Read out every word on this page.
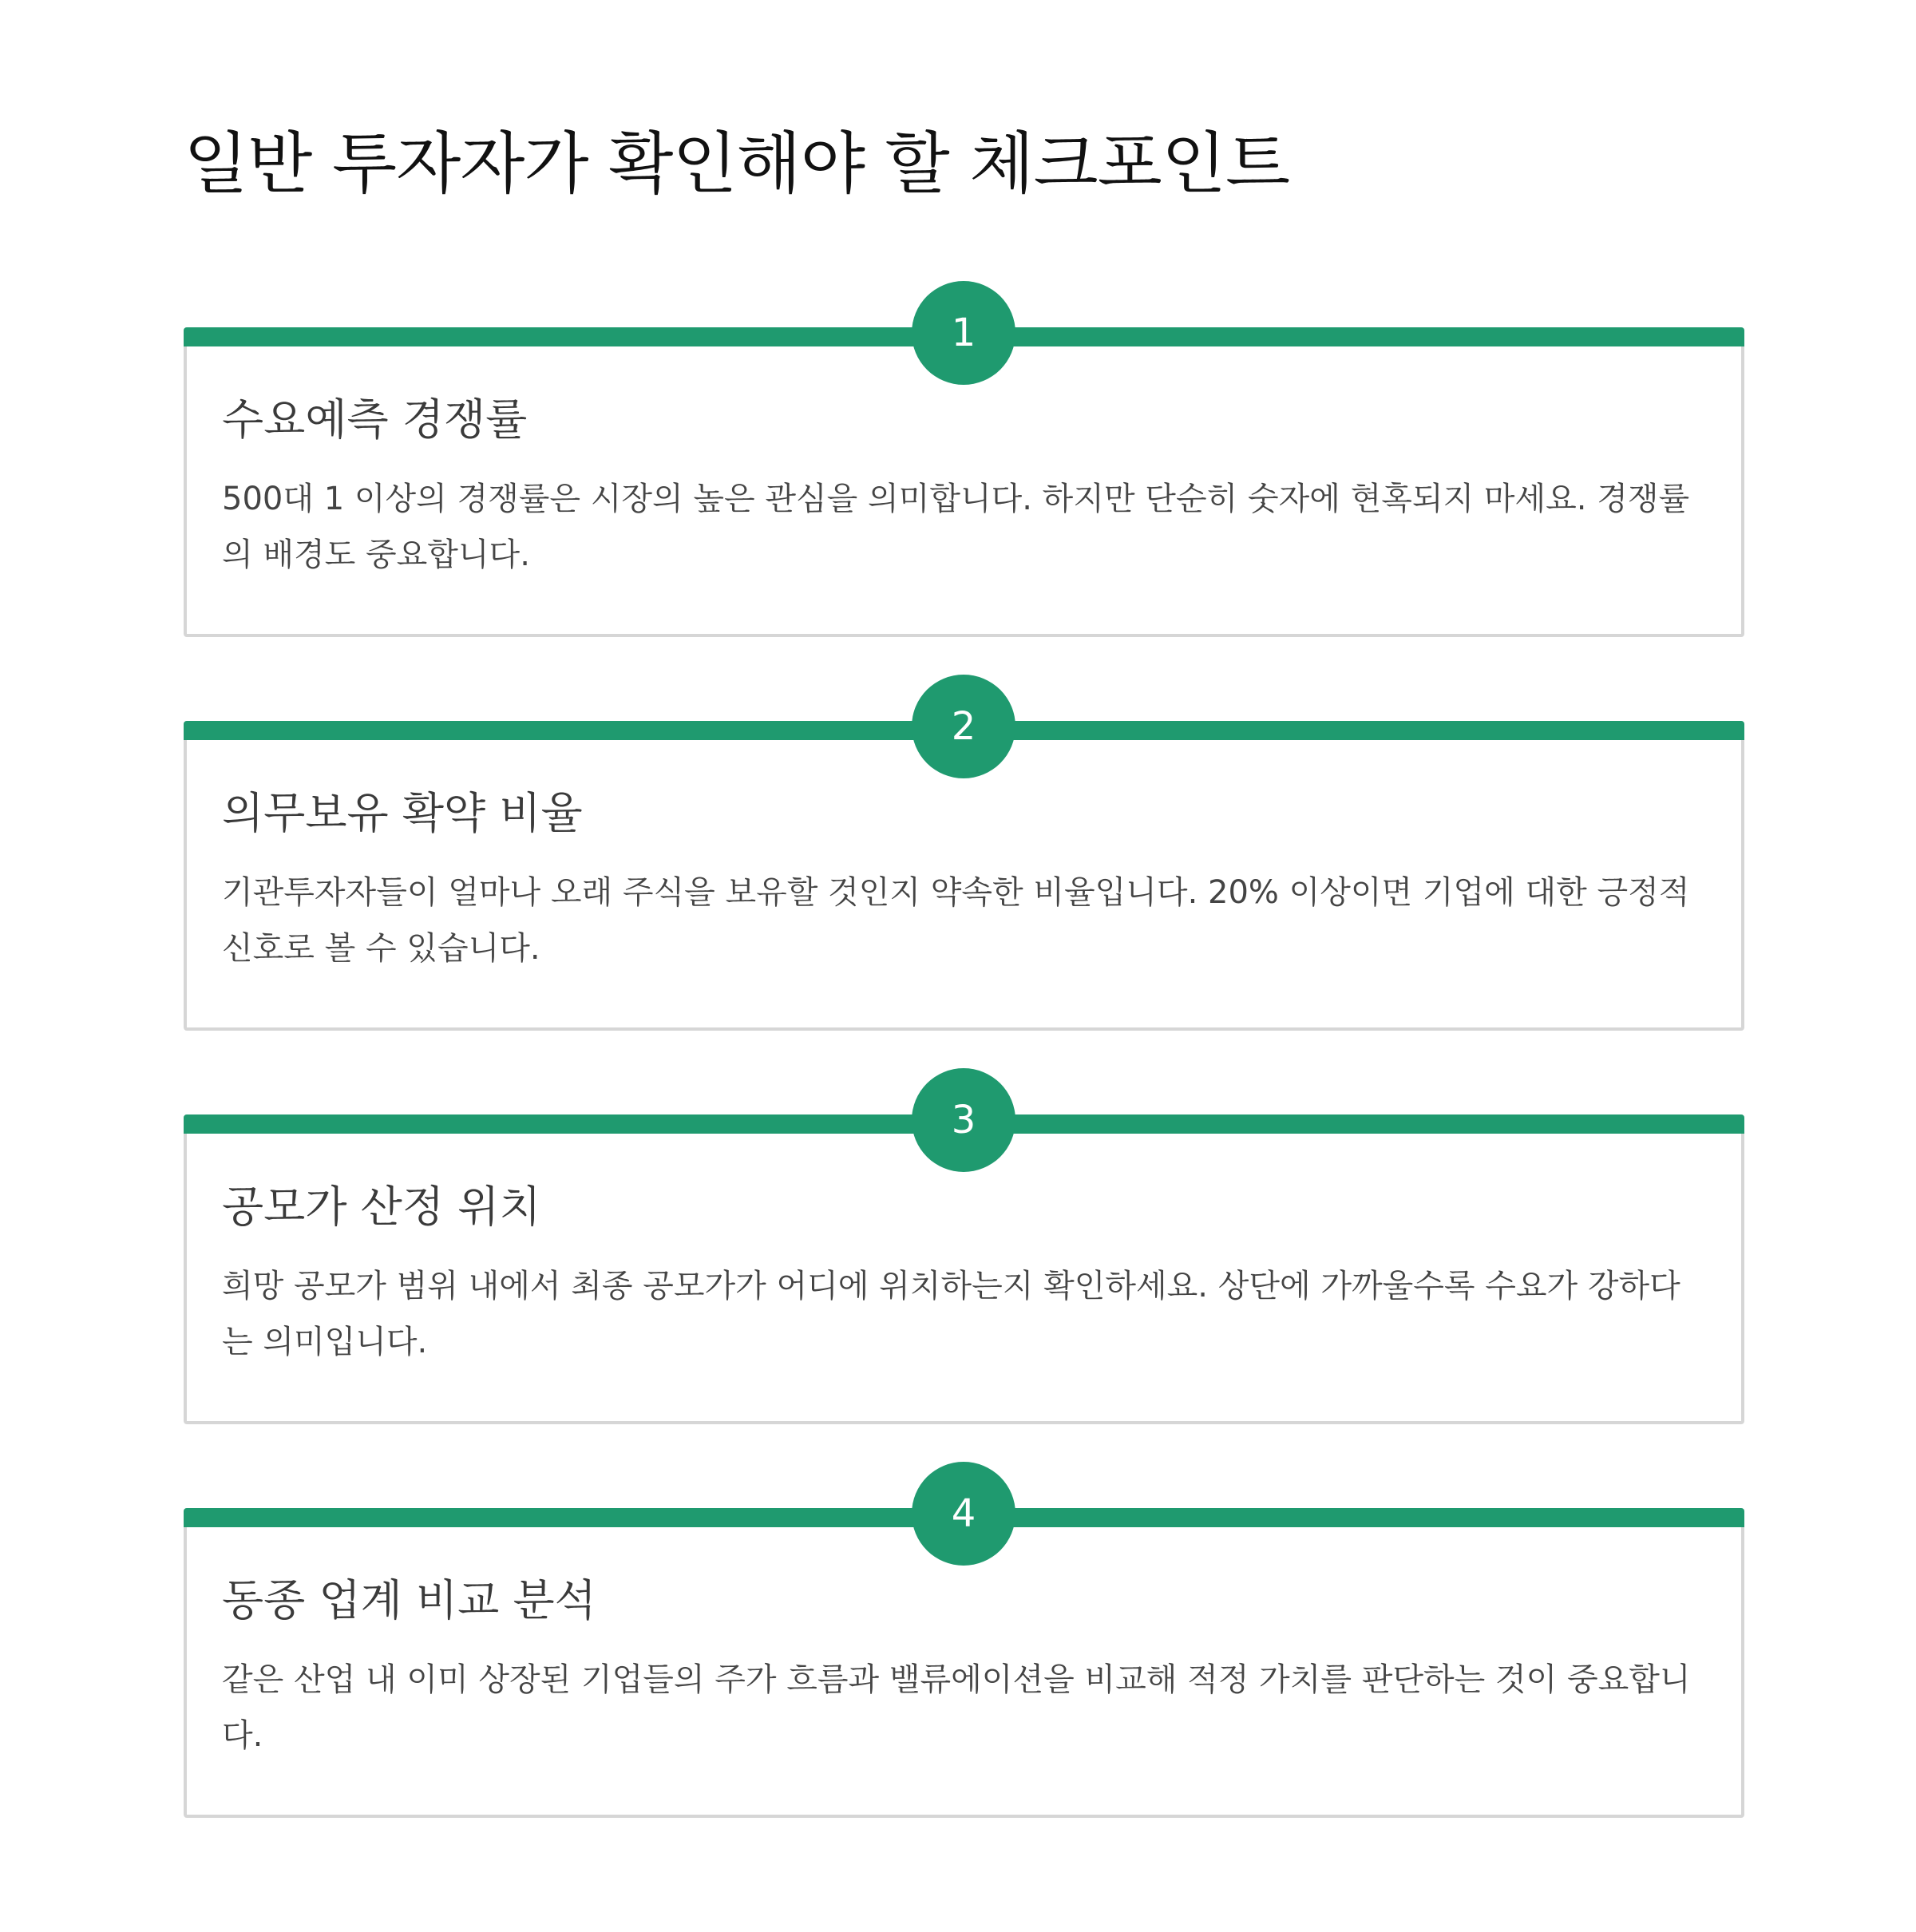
일반 투자자가 확인해야 할 체크포인트
1
수요예측 경쟁률

500대 1 이상의 경쟁률은 시장의 높은 관심을 의미합니다. 하지만 단순히 숫자에 현혹되지 마세요. 경쟁률의 배경도 중요합니다.

2
의무보유 확약 비율

기관투자자들이 얼마나 오래 주식을 보유할 것인지 약속한 비율입니다. 20% 이상이면 기업에 대한 긍정적 신호로 볼 수 있습니다.

3
공모가 산정 위치

희망 공모가 범위 내에서 최종 공모가가 어디에 위치하는지 확인하세요. 상단에 가까울수록 수요가 강하다는 의미입니다.

4
동종 업계 비교 분석

같은 산업 내 이미 상장된 기업들의 주가 흐름과 밸류에이션을 비교해 적정 가치를 판단하는 것이 중요합니다.
